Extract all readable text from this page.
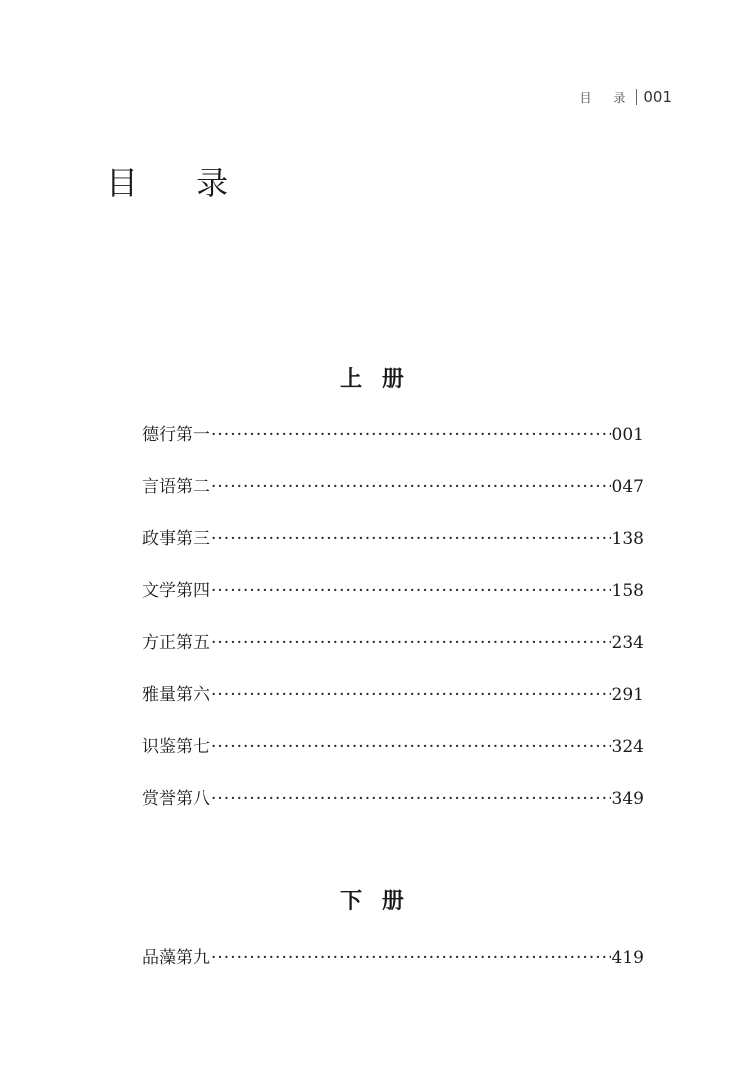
目 录 001
目 录
上 册
德行第一 ·····	001
言语第二 ·····	047
政事第三 ·····	138
文学第四 ·····	158
方正第五 ·····	234
雅量第六 ·····	291
识鉴第七 ·····	324
赏誉第八 ·····	349
下 册
品藻第九 ·····	419
